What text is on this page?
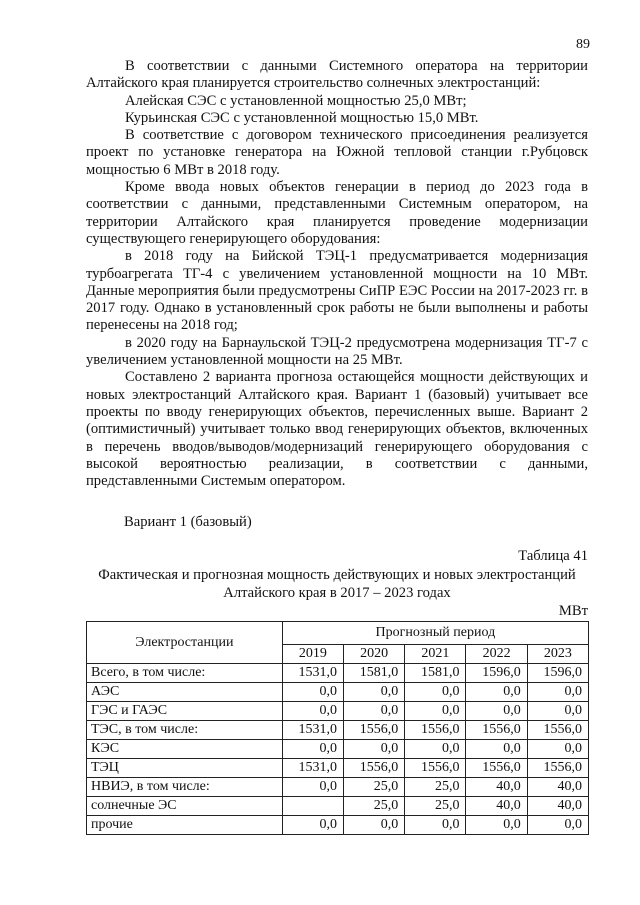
89

В соответствии с данными Системного оператора на территории Алтайского края планируется строительство солнечных электростанций:

Алейская СЭС с установленной мощностью 25,0 МВт;

Курьинская СЭС с установленной мощностью 15,0 МВт.

В соответствие с договором технического присоединения реализуется проект по установке генератора на Южной тепловой станции г.Рубцовск мощностью 6 МВт в 2018 году.

Кроме ввода новых объектов генерации в период до 2023 года в соответствии с данными, представленными Системным оператором, на территории Алтайского края планируется проведение модернизации существующего генерирующего оборудования:

в 2018 году на Бийской ТЭЦ-1 предусматривается модернизация турбоагрегата ТГ-4 с увеличением установленной мощности на 10 МВт. Данные мероприятия были предусмотрены СиПР ЕЭС России на 2017-2023 гг. в 2017 году. Однако в установленный срок работы не были выполнены и работы перенесены на 2018 год;

в 2020 году на Барнаульской ТЭЦ-2 предусмотрена модернизация ТГ-7 с увеличением установленной мощности на 25 МВт.

Составлено 2 варианта прогноза остающейся мощности действующих и новых электростанций Алтайского края. Вариант 1 (базовый) учитывает все проекты по вводу генерирующих объектов, перечисленных выше. Вариант 2 (оптимистичный) учитывает только ввод генерирующих объектов, включенных в перечень вводов/выводов/модернизаций генерирующего оборудования с высокой вероятностью реализации, в соответствии с данными, представленными Системым оператором.

Вариант 1 (базовый)
Таблица 41
Фактическая и прогнозная мощность действующих и новых электростанций Алтайского края в 2017 – 2023 годах
МВт
Электростанции	Прогнозный период				
	2019	2020	2021	2022	2023
Всего, в том числе:	1531,0	1581,0	1581,0	1596,0	1596,0
АЭС	0,0	0,0	0,0	0,0	0,0
ГЭС и ГАЭС	0,0	0,0	0,0	0,0	0,0
ТЭС, в том числе:	1531,0	1556,0	1556,0	1556,0	1556,0
КЭС	0,0	0,0	0,0	0,0	0,0
ТЭЦ	1531,0	1556,0	1556,0	1556,0	1556,0
НВИЭ, в том числе:	0,0	25,0	25,0	40,0	40,0
солнечные ЭС		25,0	25,0	40,0	40,0
прочие	0,0	0,0	0,0	0,0	0,0
